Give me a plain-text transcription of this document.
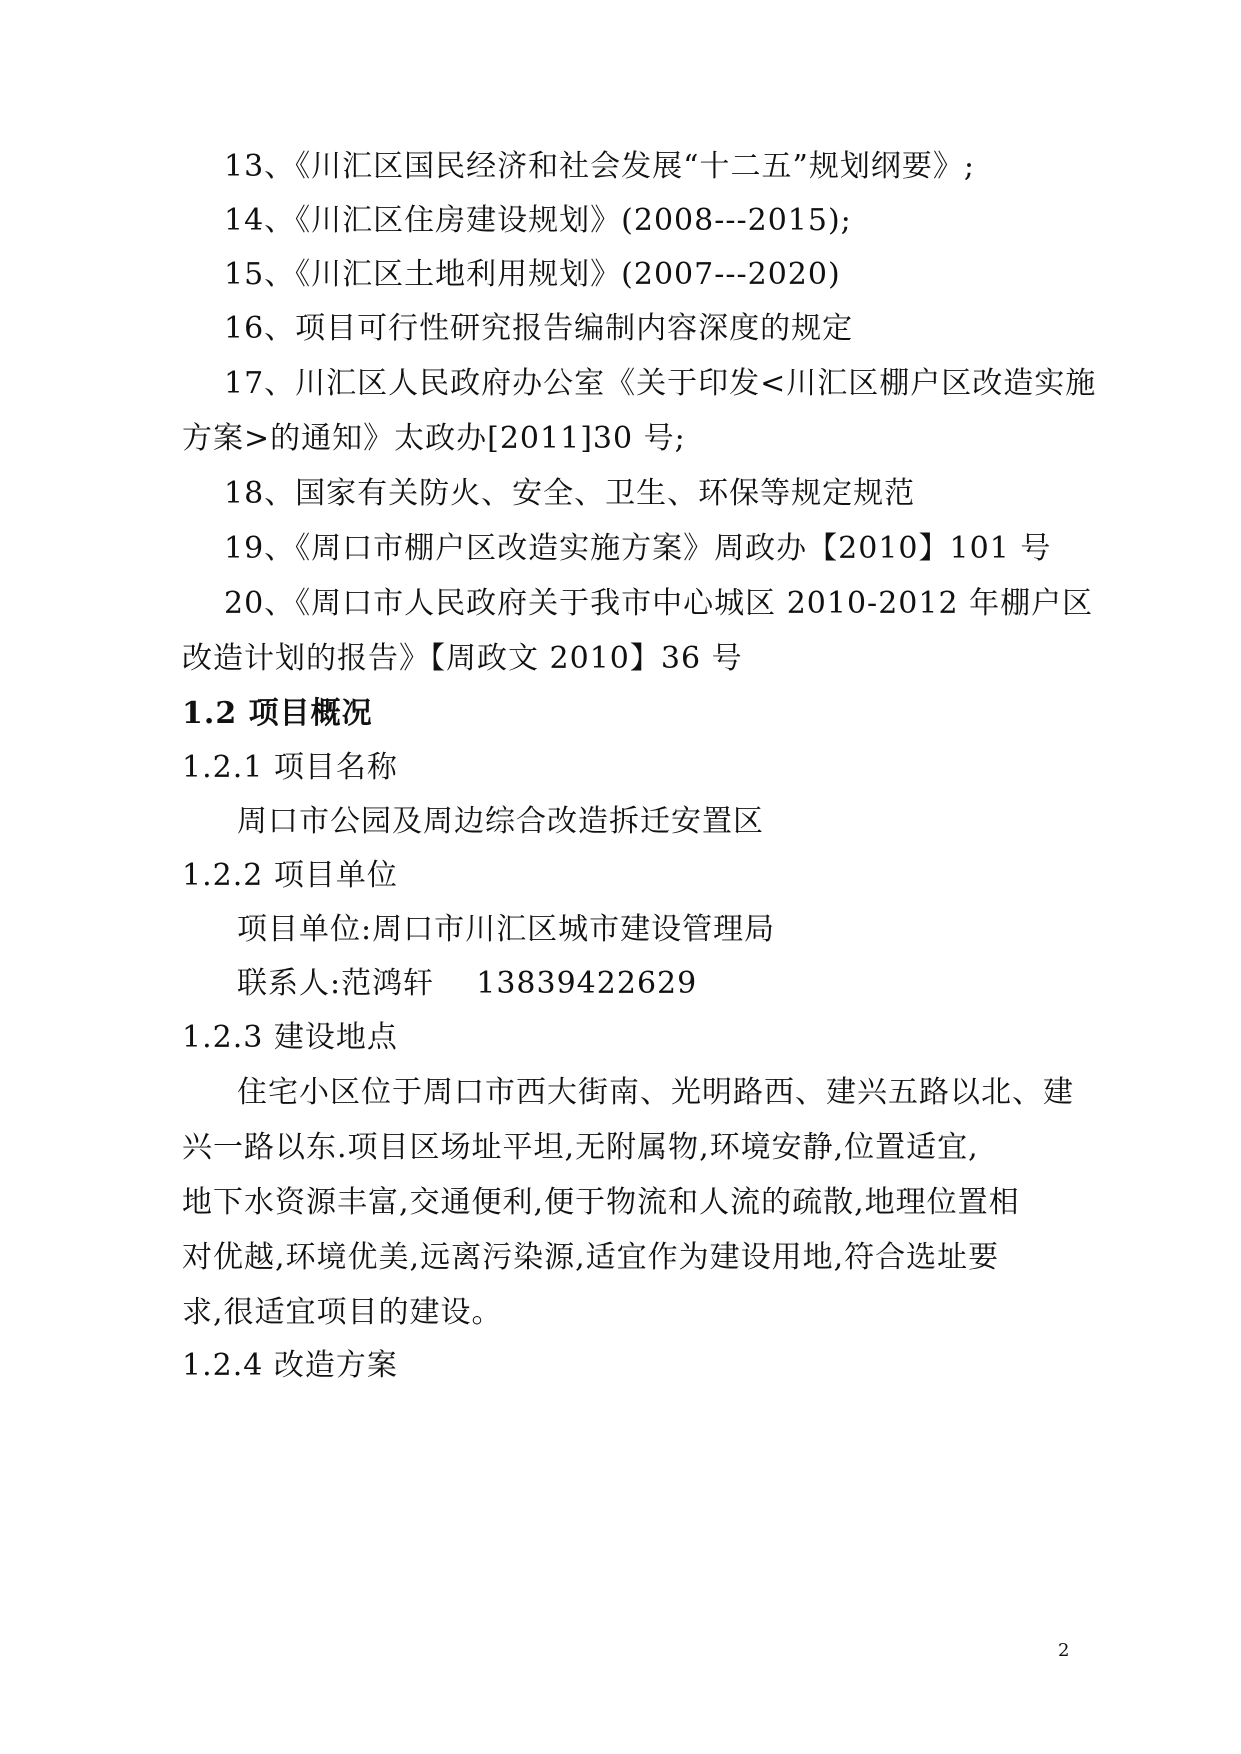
13、《川汇区国民经济和社会发展“十二五”规划纲要》;
14、《川汇区住房建设规划》(2008---2015);
15、《川汇区土地利用规划》(2007---2020)
16、项目可行性研究报告编制内容深度的规定
17、川汇区人民政府办公室《关于印发<川汇区棚户区改造实施
方案>的通知》太政办[2011]30 号;
18、国家有关防火、安全、卫生、环保等规定规范
19、《周口市棚户区改造实施方案》周政办【2010】101 号
20、《周口市人民政府关于我市中心城区 2010-2012 年棚户区
改造计划的报告》【周政文 2010】36 号
1.2 项目概况
1.2.1 项目名称
周口市公园及周边综合改造拆迁安置区
1.2.2 项目单位
项目单位:周口市川汇区城市建设管理局
联系人:范鸿轩    13839422629
1.2.3 建设地点
住宅小区位于周口市西大街南、光明路西、建兴五路以北、建
兴一路以东.项目区场址平坦,无附属物,环境安静,位置适宜,
地下水资源丰富,交通便利,便于物流和人流的疏散,地理位置相
对优越,环境优美,远离污染源,适宜作为建设用地,符合选址要
求,很适宜项目的建设。
1.2.4 改造方案
2
